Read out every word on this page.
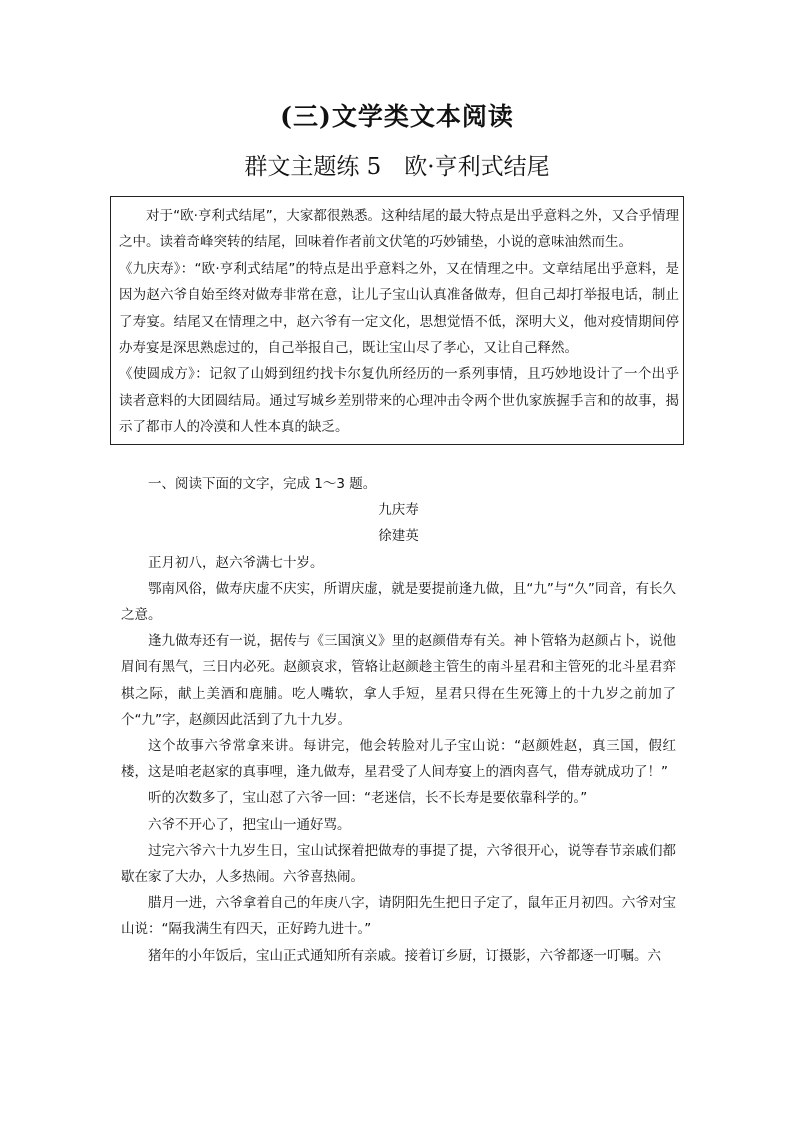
(三)文学类文本阅读
群文主题练 5　欧·亨利式结尾

对于“欧·亨利式结尾”，大家都很熟悉。这种结尾的最大特点是出乎意料之外，又合乎情理之中。读着奇峰突转的结尾，回味着作者前文伏笔的巧妙铺垫，小说的意味油然而生。

《九庆寿》：“欧·亨利式结尾”的特点是出乎意料之外，又在情理之中。文章结尾出乎意料，是因为赵六爷自始至终对做寿非常在意，让儿子宝山认真准备做寿，但自己却打举报电话，制止了寿宴。结尾又在情理之中，赵六爷有一定文化，思想觉悟不低，深明大义，他对疫情期间停办寿宴是深思熟虑过的，自己举报自己，既让宝山尽了孝心，又让自己释然。

《使圆成方》：记叙了山姆到纽约找卡尔复仇所经历的一系列事情，且巧妙地设计了一个出乎读者意料的大团圆结局。通过写城乡差别带来的心理冲击令两个世仇家族握手言和的故事，揭示了都市人的冷漠和人性本真的缺乏。

一、阅读下面的文字，完成 1～3 题。

九庆寿

徐建英

正月初八，赵六爷满七十岁。

鄂南风俗，做寿庆虚不庆实，所谓庆虚，就是要提前逢九做，且“九”与“久”同音，有长久之意。

逢九做寿还有一说，据传与《三国演义》里的赵颜借寿有关。神卜管辂为赵颜占卜，说他眉间有黑气，三日内必死。赵颜哀求，管辂让赵颜趁主管生的南斗星君和主管死的北斗星君弈棋之际，献上美酒和鹿脯。吃人嘴软，拿人手短，星君只得在生死簿上的十九岁之前加了个“九”字，赵颜因此活到了九十九岁。

这个故事六爷常拿来讲。每讲完，他会转脸对儿子宝山说：“赵颜姓赵，真三国，假红楼，这是咱老赵家的真事哩，逢九做寿，星君受了人间寿宴上的酒肉喜气，借寿就成功了！”

听的次数多了，宝山怼了六爷一回：“老迷信，长不长寿是要依靠科学的。”

六爷不开心了，把宝山一通好骂。

过完六爷六十九岁生日，宝山试探着把做寿的事提了提，六爷很开心，说等春节亲戚们都歇在家了大办，人多热闹。六爷喜热闹。

腊月一进，六爷拿着自己的年庚八字，请阴阳先生把日子定了，鼠年正月初四。六爷对宝山说：“隔我满生有四天，正好跨九进十。”

猪年的小年饭后，宝山正式通知所有亲戚。接着订乡厨，订摄影，六爷都逐一叮嘱。六
